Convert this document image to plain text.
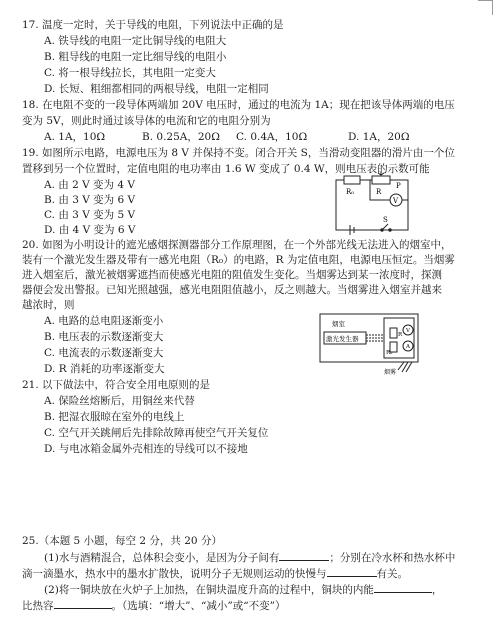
17. 温度一定时，关于导线的电阻，下列说法中正确的是
A. 铁导线的电阻一定比铜导线的电阻大
B. 粗导线的电阻一定比细导线的电阻小
C. 将一根导线拉长，其电阻一定变大
D. 长短、粗细都相同的两根导线，电阻一定相同
18. 在电阻不变的一段导体两端加 20V 电压时，通过的电流为 1A；现在把该导体两端的电压
变为 5V，则此时通过该导体的电流和它的电阻分别为
A. 1A，10Ω	B. 0.25A，20Ω C. 0.4A，10Ω	D. 1A，20Ω
19. 如图所示电路，电源电压为 8 V 并保持不变。闭合开关 S，当滑动变阻器的滑片由一个位
置移到另一个位置时，定值电阻的电功率由 1.6 W 变成了 0.4 W，则电压表的示数可能
A. 由 2 V 变为 4 V
B. 由 3 V 变为 6 V
C. 由 3 V 变为 5 V
D. 由 4 V 变为 6 V
R₀
P
R
V
S
20. 如图为小明设计的遮光感烟探测器部分工作原理图，在一个外部光线无法进入的烟室中，
装有一个激光发生器及带有一感光电阻（R₀）的电路，R 为定值电阻，电源电压恒定。当烟雾
进入烟室后，激光被烟雾遮挡而使感光电阻的阻值发生变化。当烟雾达到某一浓度时，探测
器便会发出警报。已知光照越强，感光电阻阻值越小，反之则越大。当烟雾进入烟室并越来
越浓时，则
A. 电路的总电阻逐渐变小
B. 电压表的示数逐渐变大
C. 电流表的示数逐渐变大
D. R 消耗的功率逐渐变大
烟室
激光发生器	R
R₀
V
A
烟雾
21. 以下做法中，符合安全用电原则的是
A. 保险丝熔断后，用铜丝来代替
B. 把湿衣服晾在室外的电线上
C. 空气开关跳闸后先排除故障再使空气开关复位
D. 与电冰箱金属外壳相连的导线可以不接地
25.（本题 5 小题，每空 2 分，共 20 分）
(1)水与酒精混合，总体积会变小，是因为分子间有	；分别在冷水杯和热水杯中
滴一滴墨水，热水中的墨水扩散快，说明分子无规则运动的快慢与	有关。
(2)将一铜块放在火炉子上加热，在铜块温度升高的过程中，铜块的内能	，
比热容	。（选填：“增大”、“减小”或“不变”）
